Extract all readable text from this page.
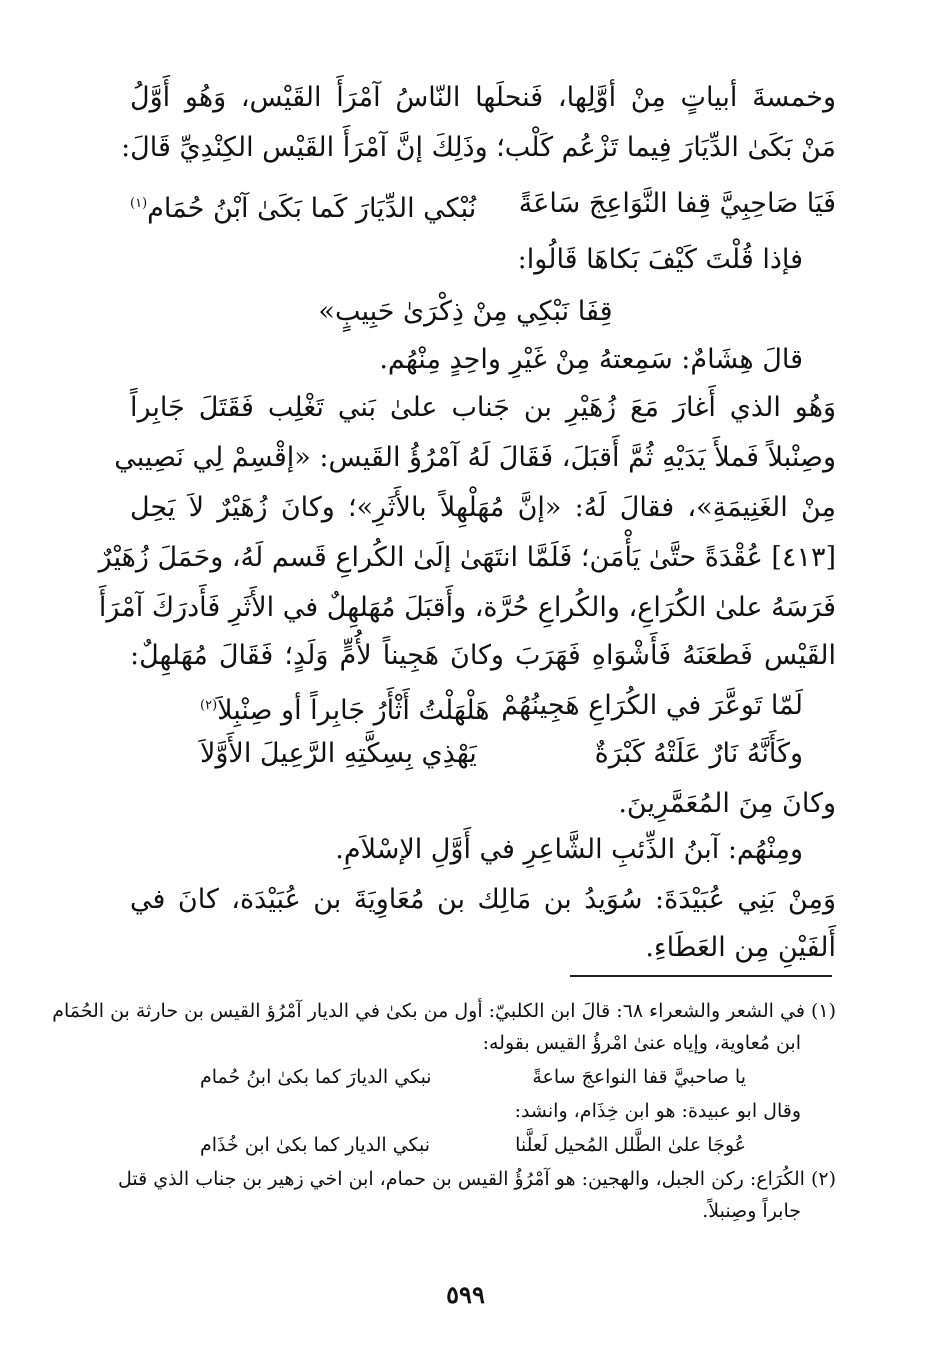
وخمسةَ أبياتٍ مِنْ أوَّلِها، فَنحلَها النّاسُ آمْرَأَ القَيْس، وَهُو أَوَّلُ
مَنْ بَكَىٰ الدِّيَارَ فِيما تَزْعُم كَلْب؛ وذَلِكَ إنَّ آمْرَأَ القَيْس الكِنْدِيِّ قَالَ:
فَيَا صَاحِبِيَّ قِفا النَّوَاعِجَ سَاعَةً
نُبْكي الدِّيَارَ كَما بَكَىٰ آبْنُ حُمَام$^{(١)}$
فإذا قُلْتَ كَيْفَ بَكاهَا قَالُوا:
قِفَا نَبْكِي مِنْ ذِكْرَىٰ حَبِيبٍ»
قالَ هِشَامٌ: سَمِعتهُ مِنْ غَيْرِ واحِدٍ مِنْهُم.
وَهُو الذي أَغارَ مَعَ زُهَيْرِ بن جَناب علىٰ بَني تَغْلِب فَقَتَلَ جَابِراً
وصِنْبلاً فَملأَ يَدَيْهِ ثُمَّ أَقبَلَ، فَقَالَ لَهُ آمْرُؤُ القَيس: «إقْسِمْ لِي نَصِيبي
مِنْ الغَنِيمَةِ»، فقالَ لَهُ: «إنَّ مُهَلْهِلاً بالأَثَرِ»؛ وكانَ زُهَيْرٌ لاَ يَحِل
[٤١٣] عُقْدَةً حتَّىٰ يَأْمَن؛ فَلَمَّا انتَهَىٰ إلَىٰ الكُراعِ قَسم لَهُ، وحَمَلَ زُهَيْرٌ
فَرَسَهُ علىٰ الكُرَاعِ، والكُراعِ حُرَّة، وأَقبَلَ مُهَلهِلٌ في الأَثَرِ فَأَدرَكَ آمْرَأَ
القَيْس فَطعَنَهُ فَأَشْوَاهِ فَهَرَبَ وكانَ هَجِيناً لأُمٍّ وَلَدٍ؛ فَقَالَ مُهَلهِلٌ:
لَمّا تَوعَّرَ في الكُرَاعِ هَجِينُهُمْ
هَلْهَلْتُ أَثْأَرُ جَابِراً أو صِنْبِلاَ$^{(٢)}$
وكَأَنَّهُ نَارٌ عَلَتْهُ كَبْرَةٌ
يَهْذِي بِسِكَّتِهِ الرَّعِيلَ الأَوَّلاَ
وكانَ مِنَ المُعَمَّرِينَ.
ومِنْهُم: آبنُ الذِّئبِ الشَّاعِرِ في أَوَّلِ الإسْلاَمِ.
وَمِنْ بَنِي عُبَيْدَةَ: سُوَيدُ بن مَالِك بن مُعَاوِيَةَ بن عُبَيْدَة، كانَ في
أَلفَيْنِ مِن العَطَاءِ.
(١) في الشعر والشعراء ٦٨: قالَ ابن الكلبيّ: أول من بكىٰ في الديار آمْرُؤ القيس بن حارثة بن الحُمَام
ابن مُعاوية، وإياه عنىٰ امْرؤُ القيس بقوله:
يا صاحبيَّ قفا النواعجَ ساعةً
نبكي الديارَ كما بكىٰ ابنُ حُمام
وقال ابو عبيدة: هو ابن خِذَام، وانشد:
عُوجَا علىٰ الطَّلل المُحيل لَعلَّنا
نبكي الديار كما بكىٰ ابن خُذَام
(٢) الكُرَاع: ركن الجبل، والهجين: هو آمْرُؤُ القيس بن حمام، ابن اخي زهير بن جناب الذي قتل
جابراً وصِنبلاً.
٥٩٩
